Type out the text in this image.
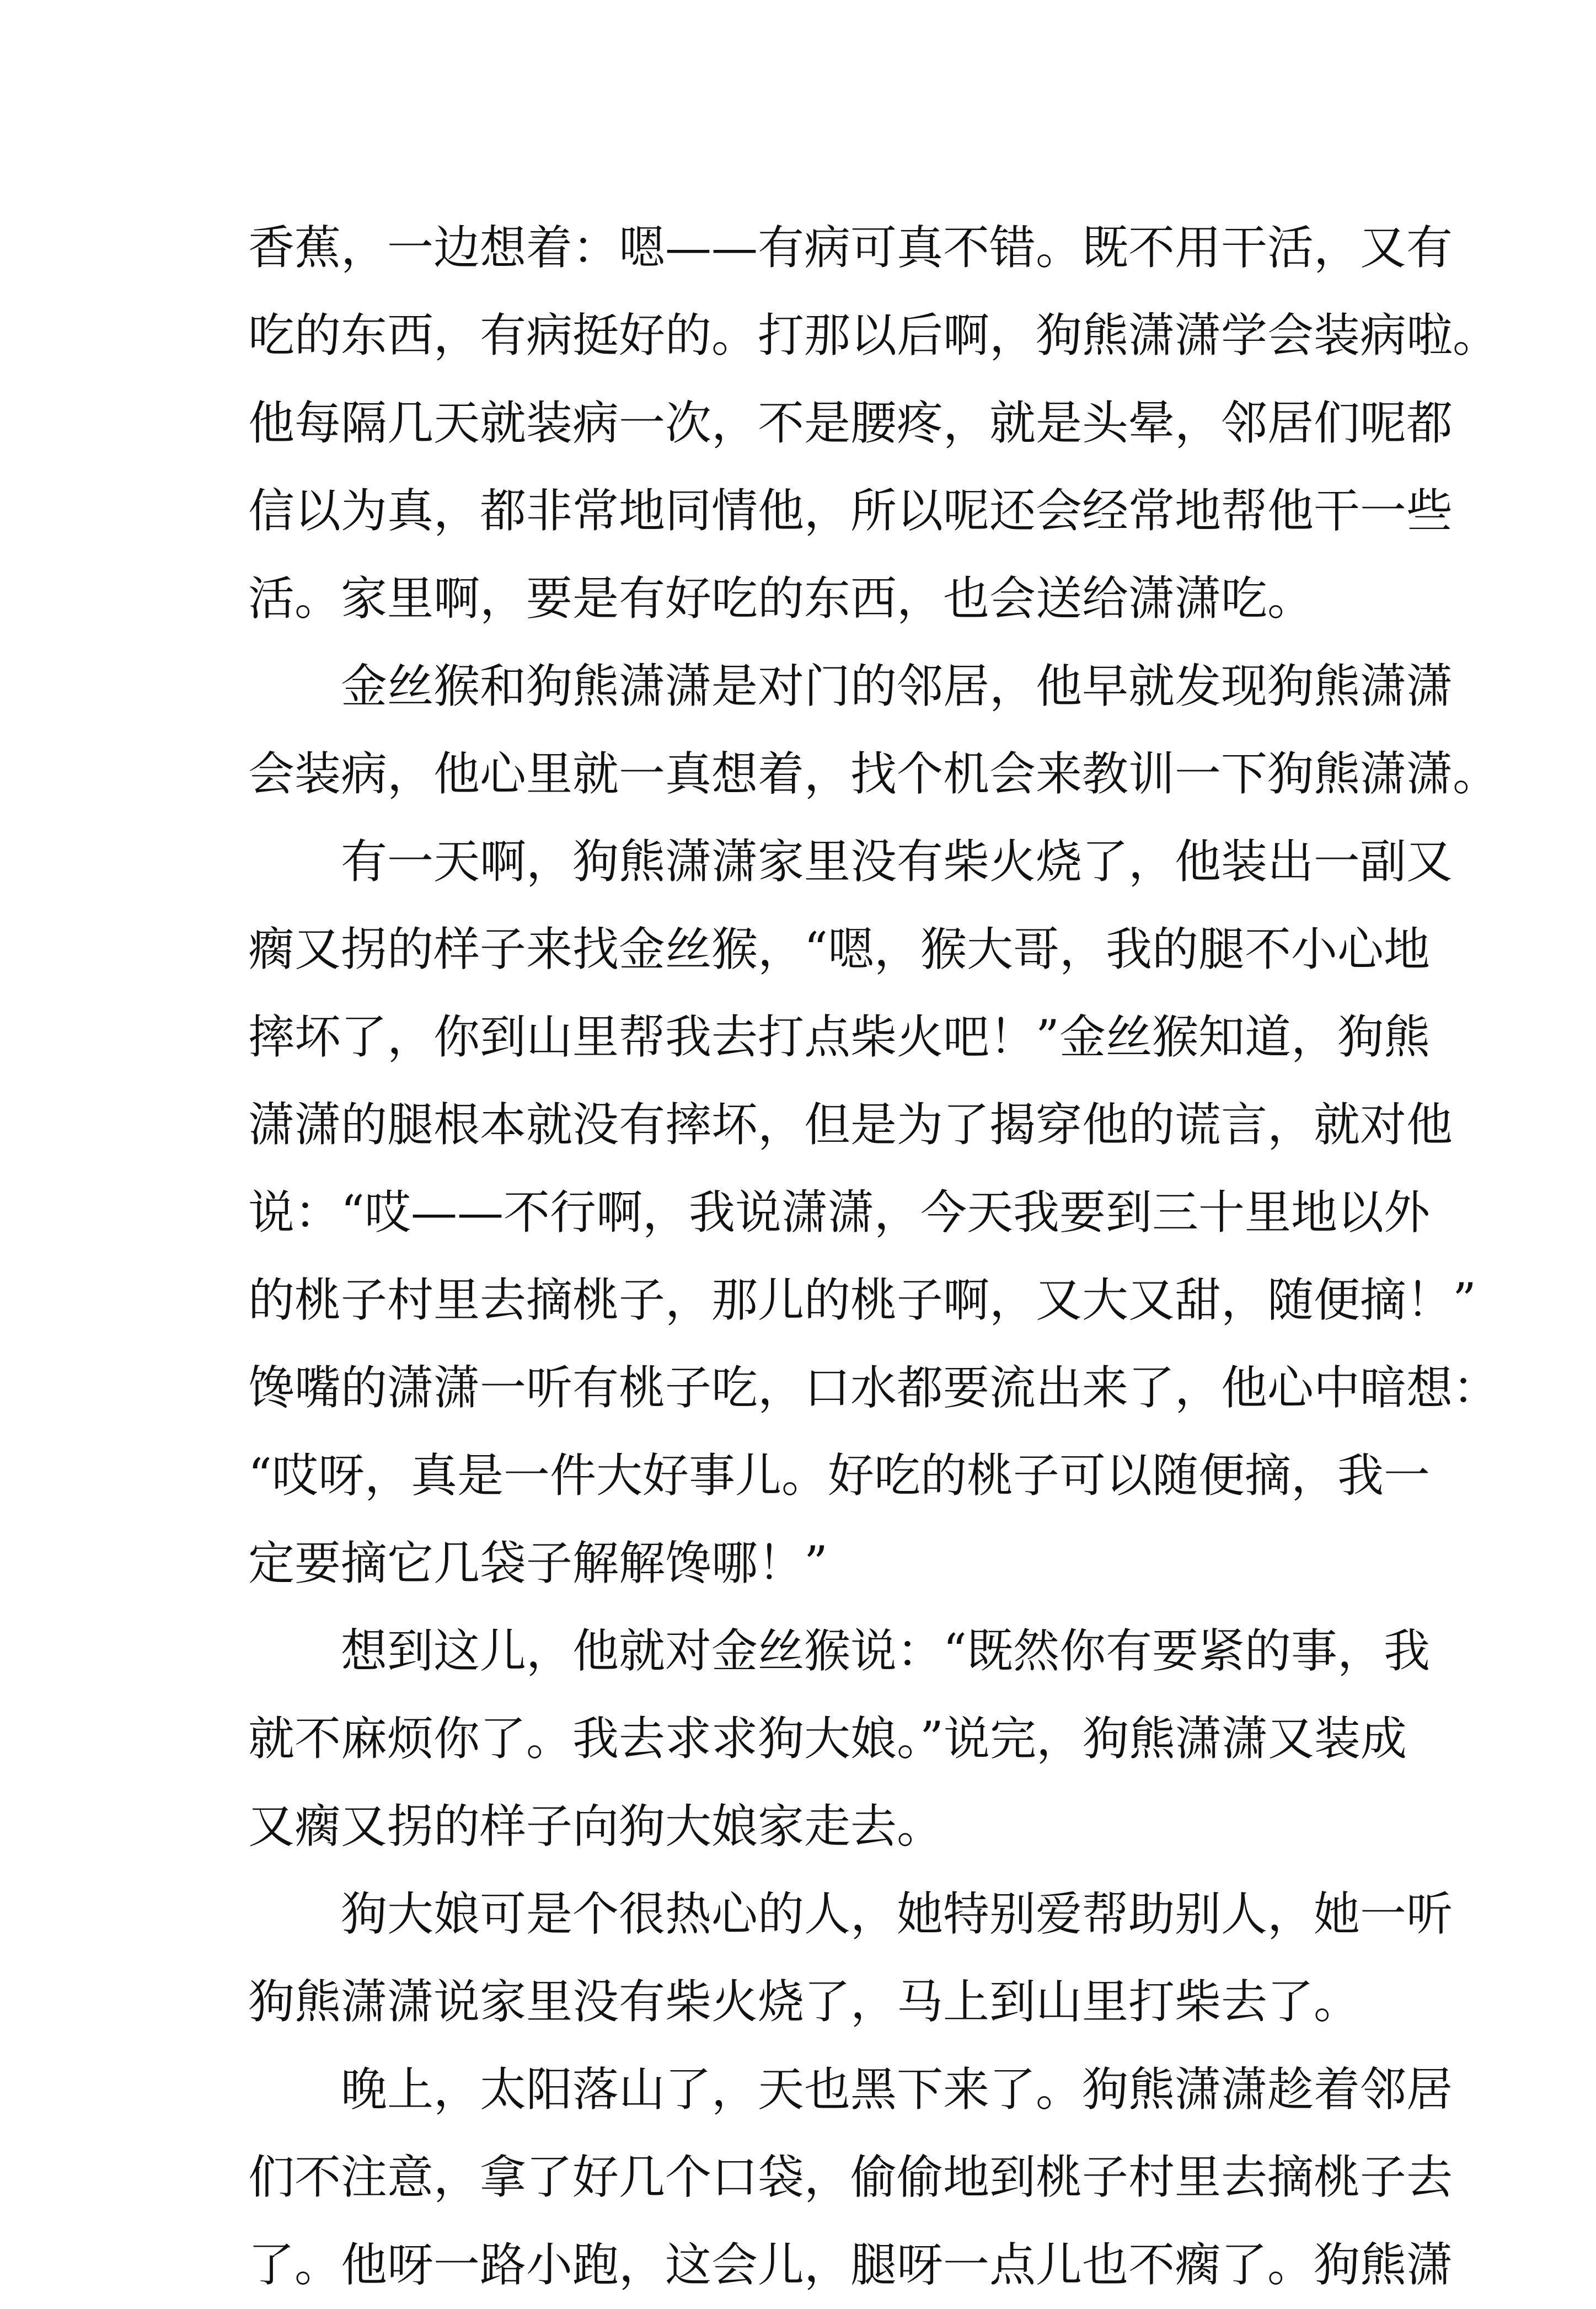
香蕉，一边想着：嗯——有病可真不错。既不用干活，又有
吃的东西，有病挺好的。打那以后啊，狗熊潇潇学会装病啦。
他每隔几天就装病一次，不是腰疼，就是头晕，邻居们呢都
信以为真，都非常地同情他，所以呢还会经常地帮他干一些
活。家里啊，要是有好吃的东西，也会送给潇潇吃。
金丝猴和狗熊潇潇是对门的邻居，他早就发现狗熊潇潇
会装病，他心里就一真想着，找个机会来教训一下狗熊潇潇。
有一天啊，狗熊潇潇家里没有柴火烧了，他装出一副又
瘸又拐的样子来找金丝猴，“嗯，猴大哥，我的腿不小心地
摔坏了，你到山里帮我去打点柴火吧！”金丝猴知道，狗熊
潇潇的腿根本就没有摔坏，但是为了揭穿他的谎言，就对他
说：“哎——不行啊，我说潇潇，今天我要到三十里地以外
的桃子村里去摘桃子，那儿的桃子啊，又大又甜，随便摘！”
馋嘴的潇潇一听有桃子吃，口水都要流出来了，他心中暗想：
“哎呀，真是一件大好事儿。好吃的桃子可以随便摘，我一
定要摘它几袋子解解馋哪！”
想到这儿，他就对金丝猴说：“既然你有要紧的事，我
就不麻烦你了。我去求求狗大娘。”说完，狗熊潇潇又装成
又瘸又拐的样子向狗大娘家走去。
狗大娘可是个很热心的人，她特别爱帮助别人，她一听
狗熊潇潇说家里没有柴火烧了，马上到山里打柴去了。
晚上，太阳落山了，天也黑下来了。狗熊潇潇趁着邻居
们不注意，拿了好几个口袋，偷偷地到桃子村里去摘桃子去
了。他呀一路小跑，这会儿，腿呀一点儿也不瘸了。狗熊潇
